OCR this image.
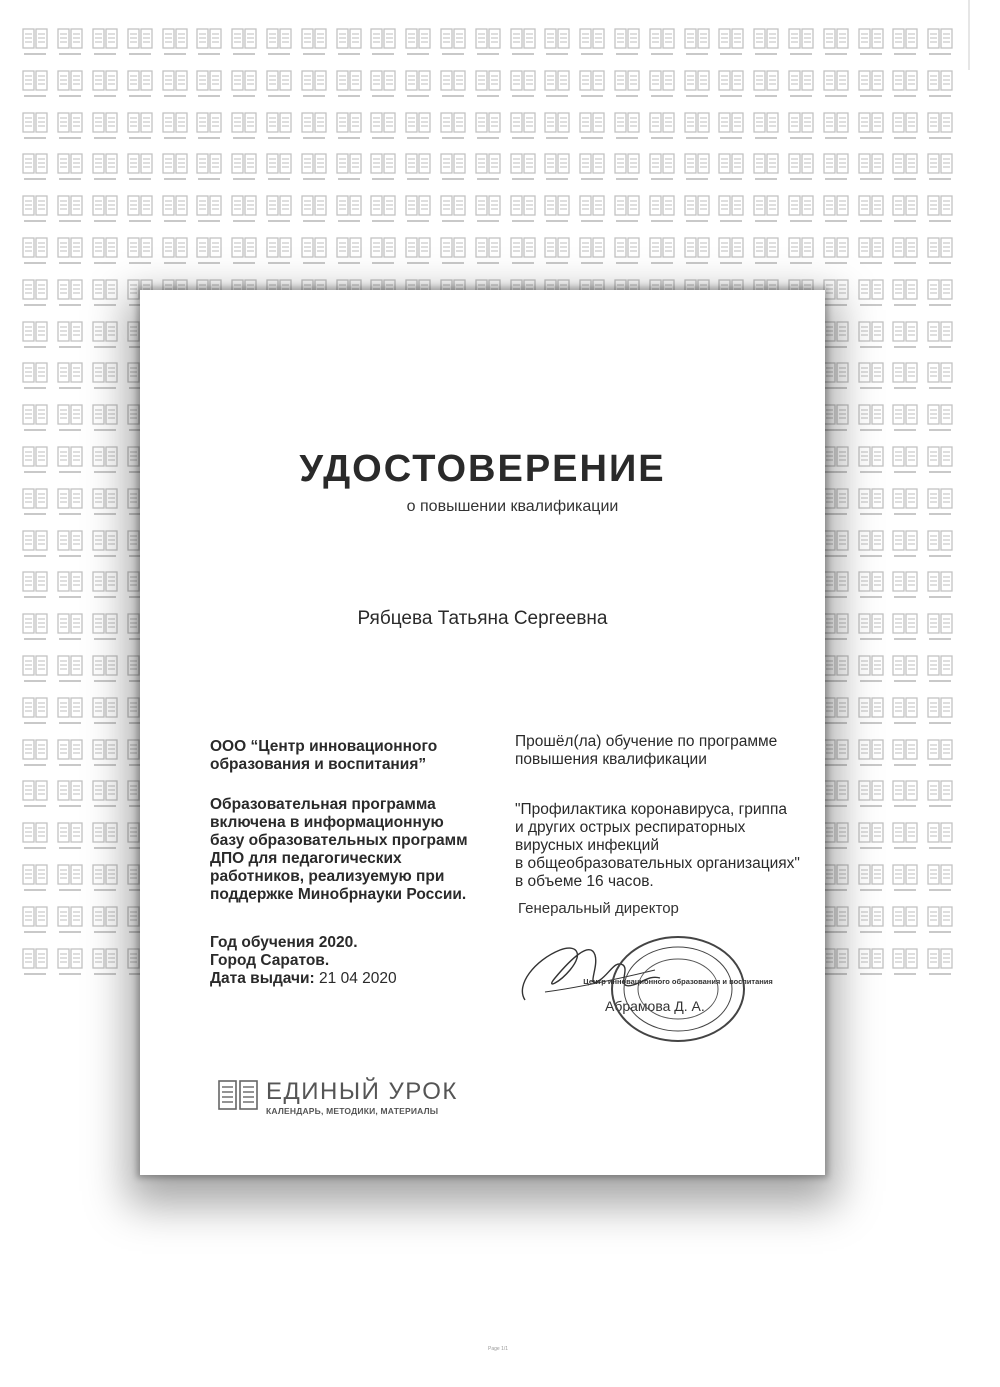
УДОСТОВЕРЕНИЕ
о повышении квалификации
Рябцева Татьяна Сергеевна
ООО “Центр инновационного
образования и воспитания”
Образовательная программа
включена в информационную
базу образовательных программ
ДПО для педагогических
работников, реализуемую при
поддержке Минобрнауки России.
Год обучения 2020.
Город Саратов.
Дата выдачи: 21 04 2020
Прошёл(ла) обучение по программе
повышения квалификации
"Профилактика коронавируса, гриппа
и других острых респираторных
вирусных инфекций
в общеобразовательных организациях"
в объеме 16 часов.
Генеральный директор
Абрамова Д. А.
Центр инновационного образования и воспитания
ЕДИНЫЙ УРОК
КАЛЕНДАРЬ, МЕТОДИКИ, МАТЕРИАЛЫ
Page 1/1
